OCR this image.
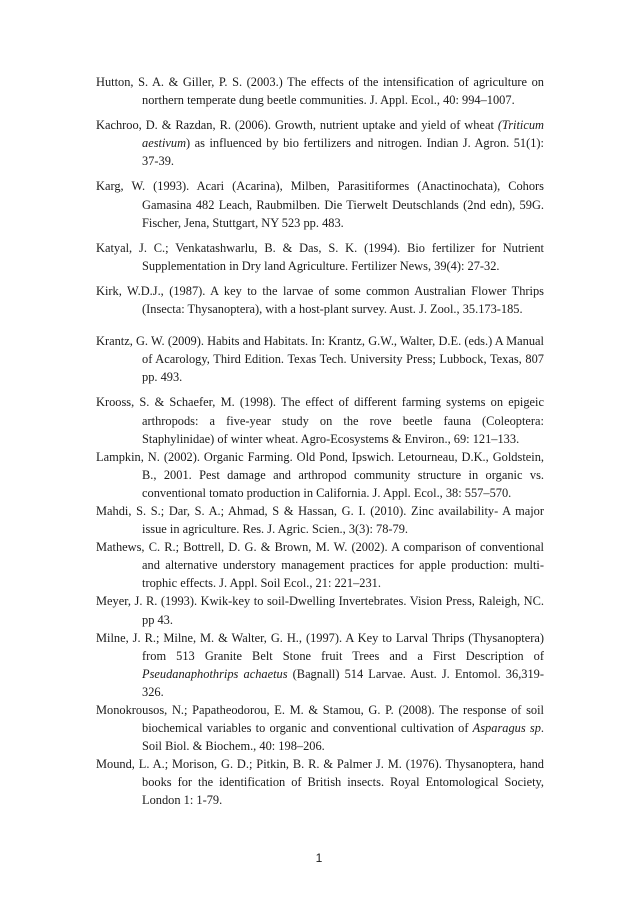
Hutton, S. A. & Giller, P. S. (2003.) The effects of the intensification of agriculture on northern temperate dung beetle communities. J. Appl. Ecol., 40: 994–1007.
Kachroo, D. & Razdan, R. (2006). Growth, nutrient uptake and yield of wheat (Triticum aestivum) as influenced by bio fertilizers and nitrogen. Indian J. Agron. 51(1): 37-39.
Karg, W. (1993). Acari (Acarina), Milben, Parasitiformes (Anactinochata), Cohors Gamasina 482 Leach, Raubmilben. Die Tierwelt Deutschlands (2nd edn), 59G. Fischer, Jena, Stuttgart, NY 523 pp. 483.
Katyal, J. C.; Venkatashwarlu, B. & Das, S. K. (1994). Bio fertilizer for Nutrient Supplementation in Dry land Agriculture. Fertilizer News, 39(4): 27-32.
Kirk, W.D.J., (1987). A key to the larvae of some common Australian Flower Thrips (Insecta: Thysanoptera), with a host-plant survey. Aust. J. Zool., 35.173-185.
Krantz, G. W. (2009). Habits and Habitats. In: Krantz, G.W., Walter, D.E. (eds.) A Manual of Acarology, Third Edition. Texas Tech. University Press; Lubbock, Texas, 807 pp. 493.
Krooss, S. & Schaefer, M. (1998). The effect of different farming systems on epigeic arthropods: a five-year study on the rove beetle fauna (Coleoptera: Staphylinidae) of winter wheat. Agro-Ecosystems & Environ., 69: 121–133.
Lampkin, N. (2002). Organic Farming. Old Pond, Ipswich. Letourneau, D.K., Goldstein, B., 2001. Pest damage and arthropod community structure in organic vs. conventional tomato production in California. J. Appl. Ecol., 38: 557–570.
Mahdi, S. S.; Dar, S. A.; Ahmad, S & Hassan, G. I. (2010). Zinc availability- A major issue in agriculture. Res. J. Agric. Scien., 3(3): 78-79.
Mathews, C. R.; Bottrell, D. G. & Brown, M. W. (2002). A comparison of conventional and alternative understory management practices for apple production: multi-trophic effects. J. Appl. Soil Ecol., 21: 221–231.
Meyer, J. R. (1993). Kwik-key to soil-Dwelling Invertebrates. Vision Press, Raleigh, NC. pp 43.
Milne, J. R.; Milne, M. & Walter, G. H., (1997). A Key to Larval Thrips (Thysanoptera) from 513 Granite Belt Stone fruit Trees and a First Description of Pseudanaphothrips achaetus (Bagnall) 514 Larvae. Aust. J. Entomol. 36,319-326.
Monokrousos, N.; Papatheodorou, E. M. & Stamou, G. P. (2008). The response of soil biochemical variables to organic and conventional cultivation of Asparagus sp. Soil Biol. & Biochem., 40: 198–206.
Mound, L. A.; Morison, G. D.; Pitkin, B. R. & Palmer J. M. (1976). Thysanoptera, hand books for the identification of British insects. Royal Entomological Society, London 1: 1-79.
1
